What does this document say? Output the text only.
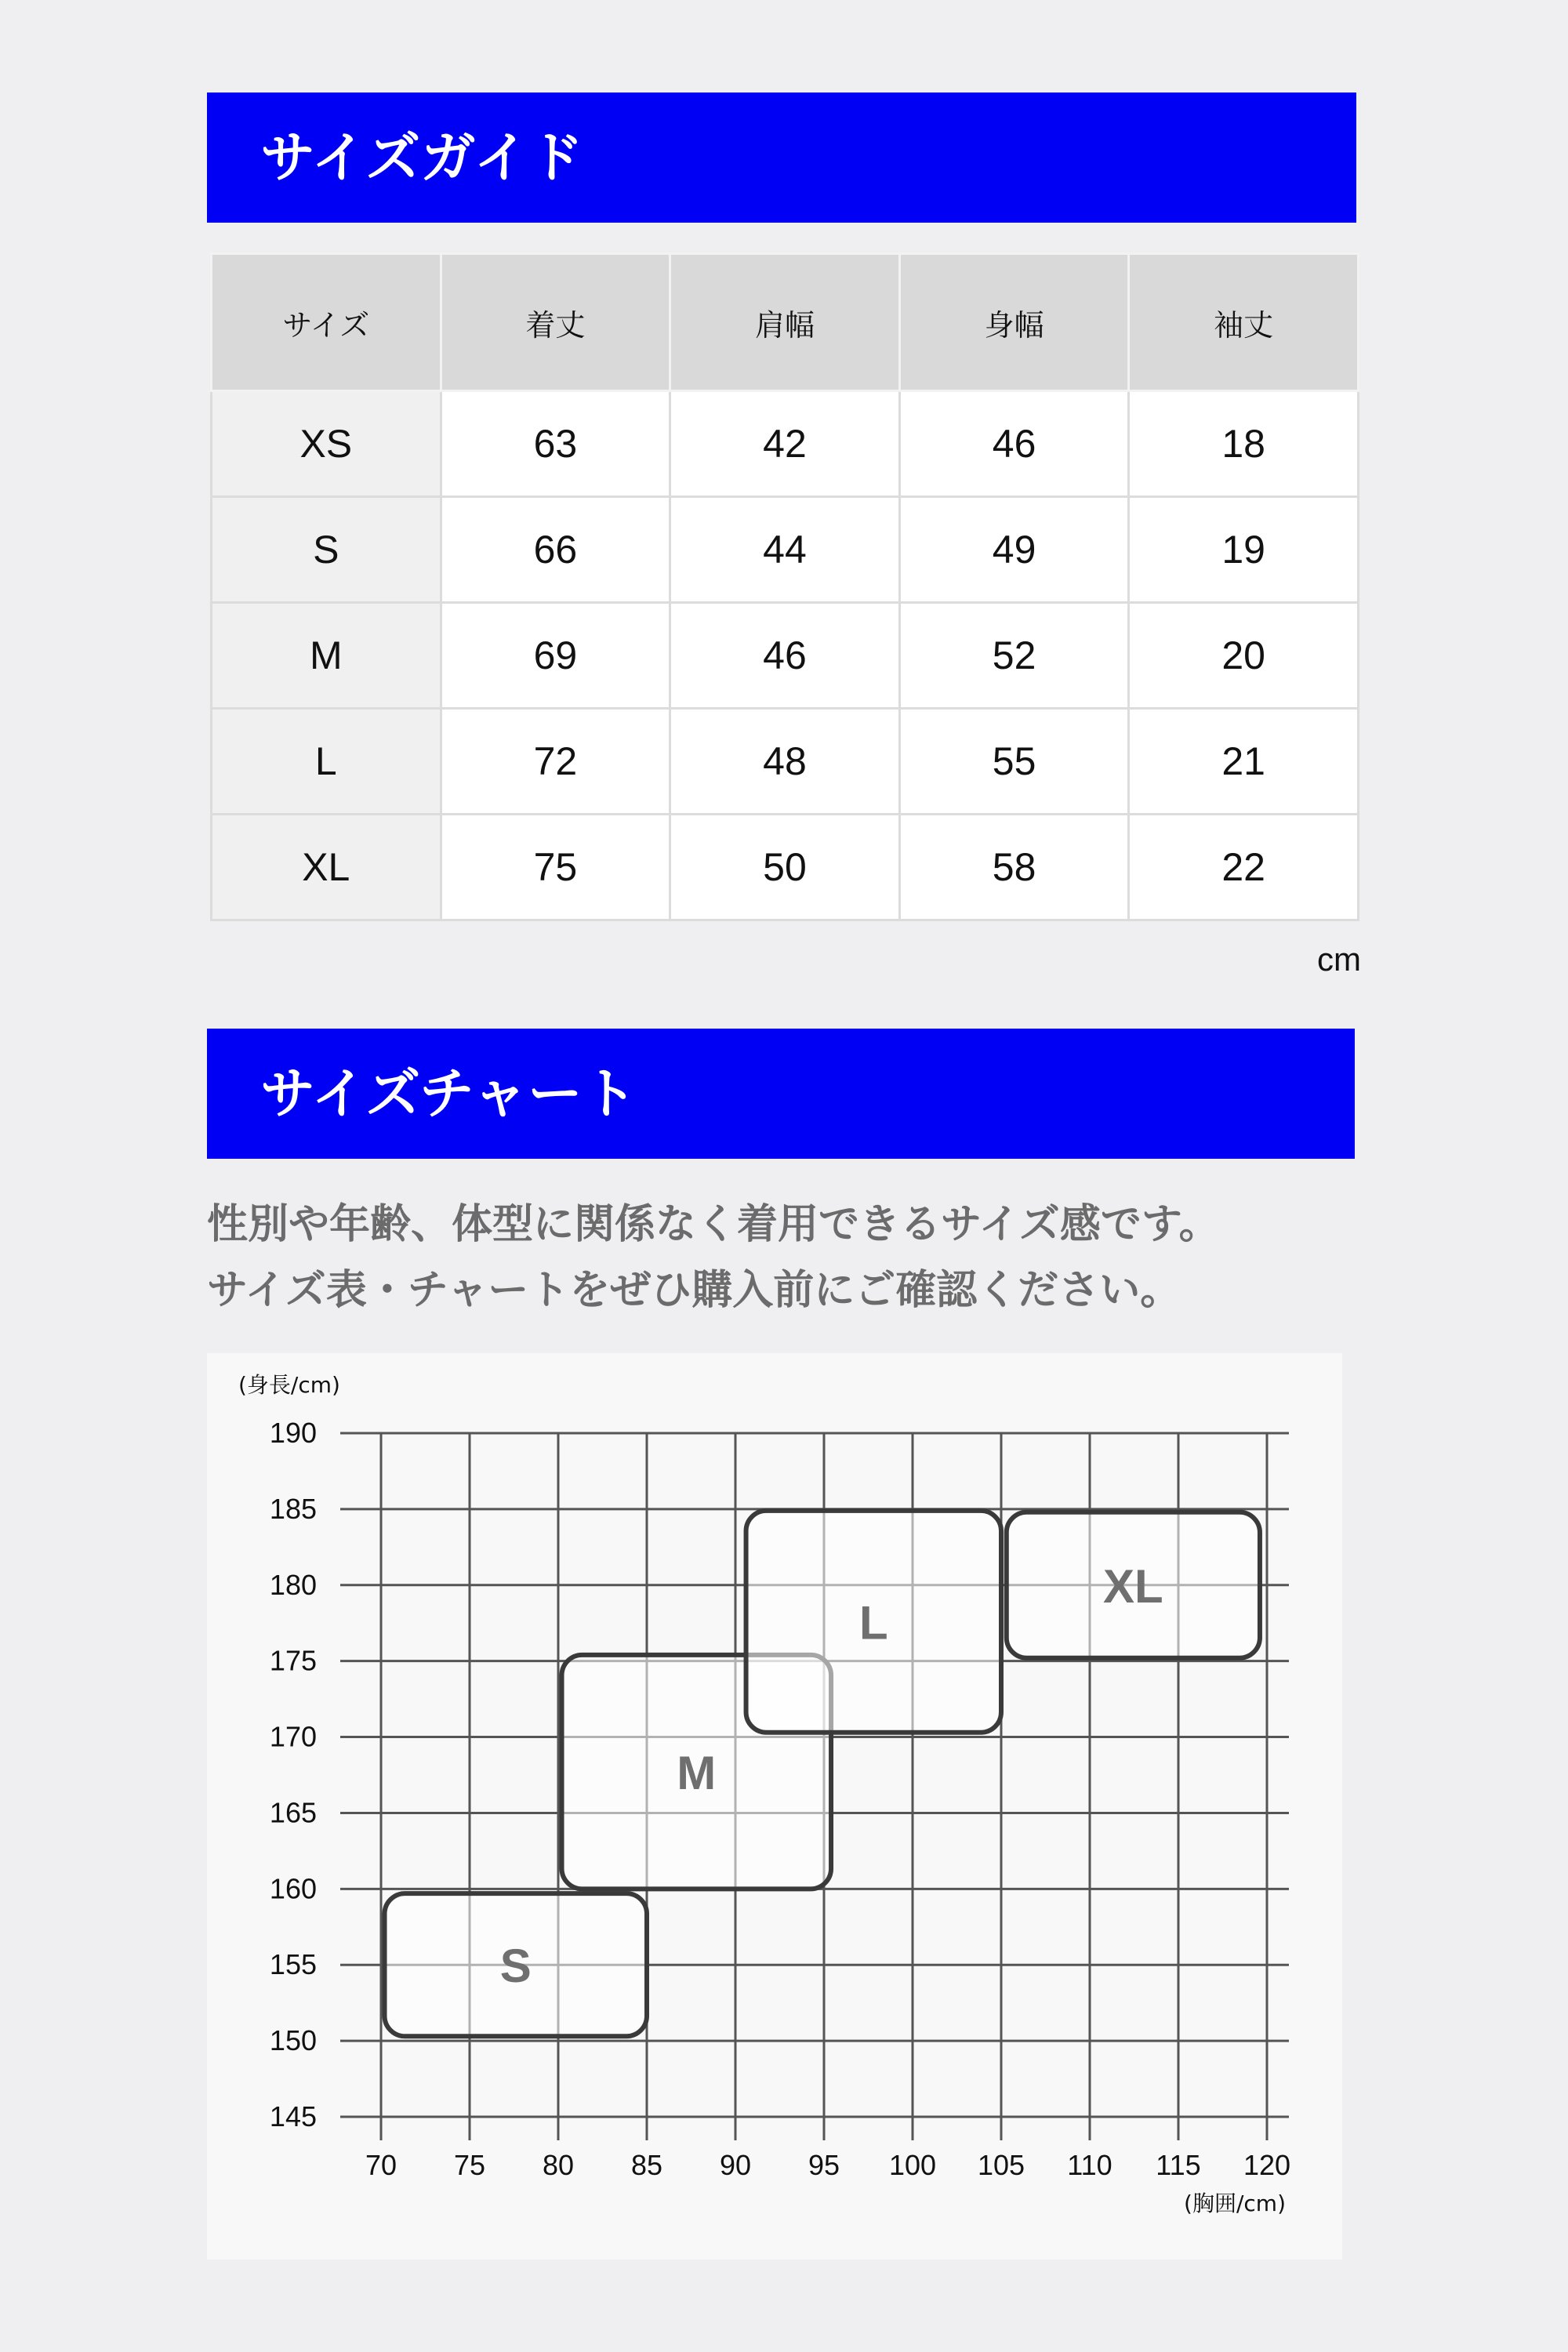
サイズガイド
サイズ	着丈	肩幅	身幅	袖丈
XS	63	42	46	18
S	66	44	49	19
M	69	46	52	20
L	72	48	55	21
XL	75	50	58	22
cm
サイズチャート
性別や年齢、体型に関係なく着用できるサイズ感です。
サイズ表・チャートをぜひ購入前にご確認ください。
190
185
180
175
170
165
160
155
150
145
70 75 80 85 90 95 100 105 110 115 120
(身長/cm)
(胸囲/cm)
S
M
L
XL
